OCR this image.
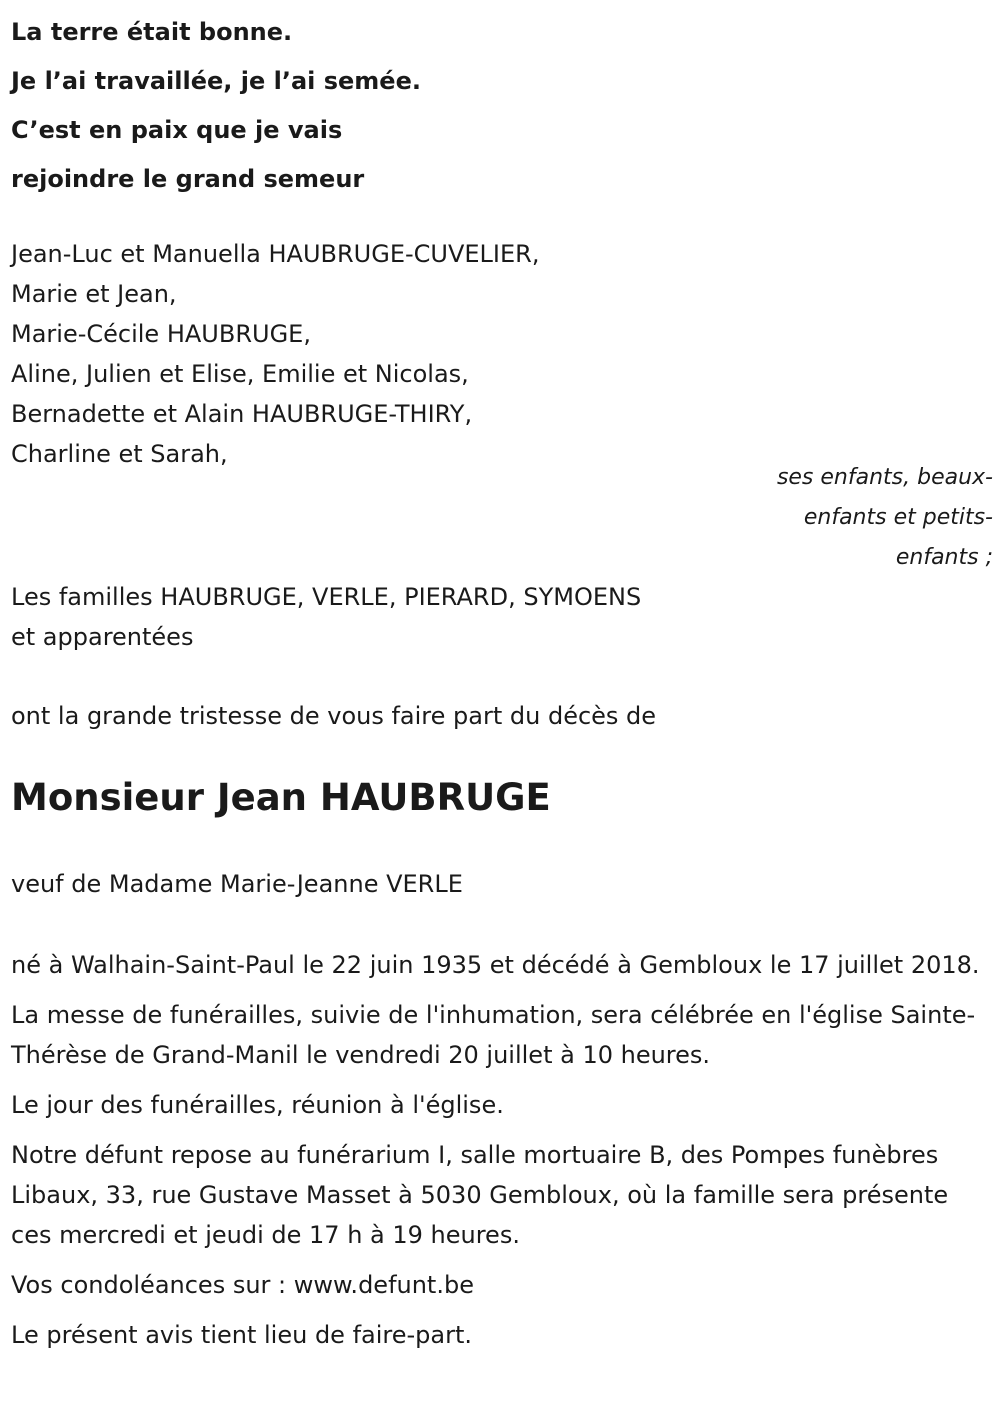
La terre était bonne.

Je l’ai travaillée, je l’ai semée.

C’est en paix que je vais

rejoindre le grand semeur

Jean-Luc et Manuella HAUBRUGE-CUVELIER,

Marie et Jean,

Marie-Cécile HAUBRUGE,

Aline, Julien et Elise, Emilie et Nicolas,

Bernadette et Alain HAUBRUGE-THIRY,

Charline et Sarah,

ses enfants, beaux-enfants et petits-enfants ;

Les familles HAUBRUGE, VERLE, PIERARD, SYMOENS

et apparentées

ont la grande tristesse de vous faire part du décès de

Monsieur Jean HAUBRUGE

veuf de Madame Marie-Jeanne VERLE

né à Walhain-Saint-Paul le 22 juin 1935 et décédé à Gembloux le 17 juillet 2018.

La messe de funérailles, suivie de l'inhumation, sera célébrée en l'église Sainte-Thérèse de Grand-Manil le vendredi 20 juillet à 10 heures.

Le jour des funérailles, réunion à l'église.

Notre défunt repose au funérarium I, salle mortuaire B, des Pompes funèbres Libaux, 33, rue Gustave Masset à 5030 Gembloux, où la famille sera présente ces mercredi et jeudi de 17 h à 19 heures.

Vos condoléances sur : www.defunt.be

Le présent avis tient lieu de faire-part.
